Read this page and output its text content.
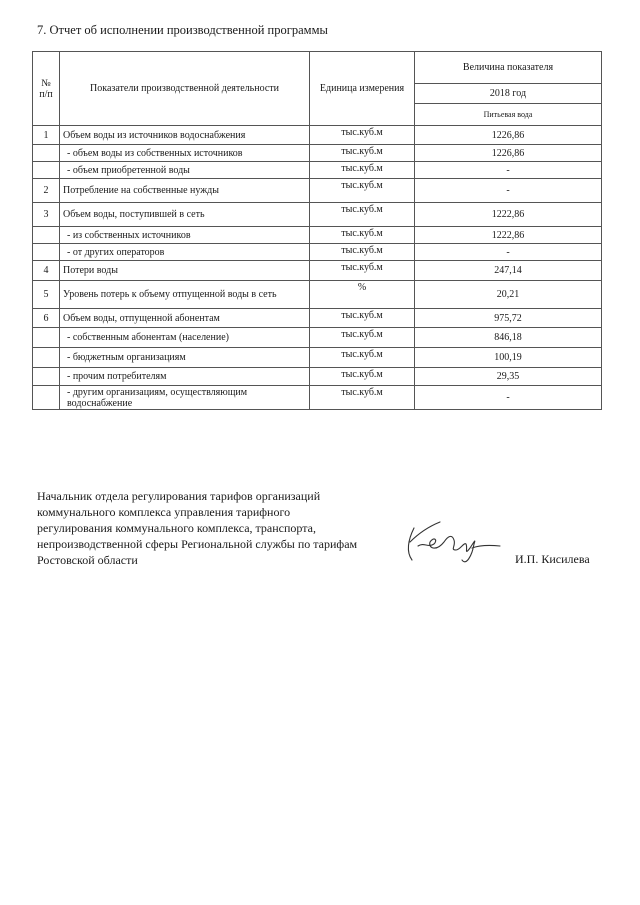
7. Отчет об исполнении производственной программы
№ п/п	Показатели производственной деятельности	Единица измерения	Величина показателя
			2018 год
			Питьевая вода
1	Объем воды из источников водоснабжения	тыс.куб.м	1226,86
	- объем воды из собственных источников	тыс.куб.м	1226,86
	- объем приобретенной воды	тыс.куб.м	-
2	Потребление на собственные нужды	тыс.куб.м	-
3	Объем воды, поступившей в сеть	тыс.куб.м	1222,86
	- из собственных источников	тыс.куб.м	1222,86
	- от других операторов	тыс.куб.м	-
4	Потери воды	тыс.куб.м	247,14
5	Уровень потерь к объему отпущенной воды в сеть	%	20,21
6	Объем воды, отпущенной абонентам	тыс.куб.м	975,72
	- собственным абонентам (население)	тыс.куб.м	846,18
	- бюджетным организациям	тыс.куб.м	100,19
	- прочим потребителям	тыс.куб.м	29,35
	- другим организациям, осуществляющим водоснабжение	тыс.куб.м	-
Начальник отдела регулирования тарифов организаций коммунального комплекса управления тарифного регулирования коммунального комплекса, транспорта, непроизводственной сферы Региональной службы по тарифам Ростовской области	И.П. Кисилева
